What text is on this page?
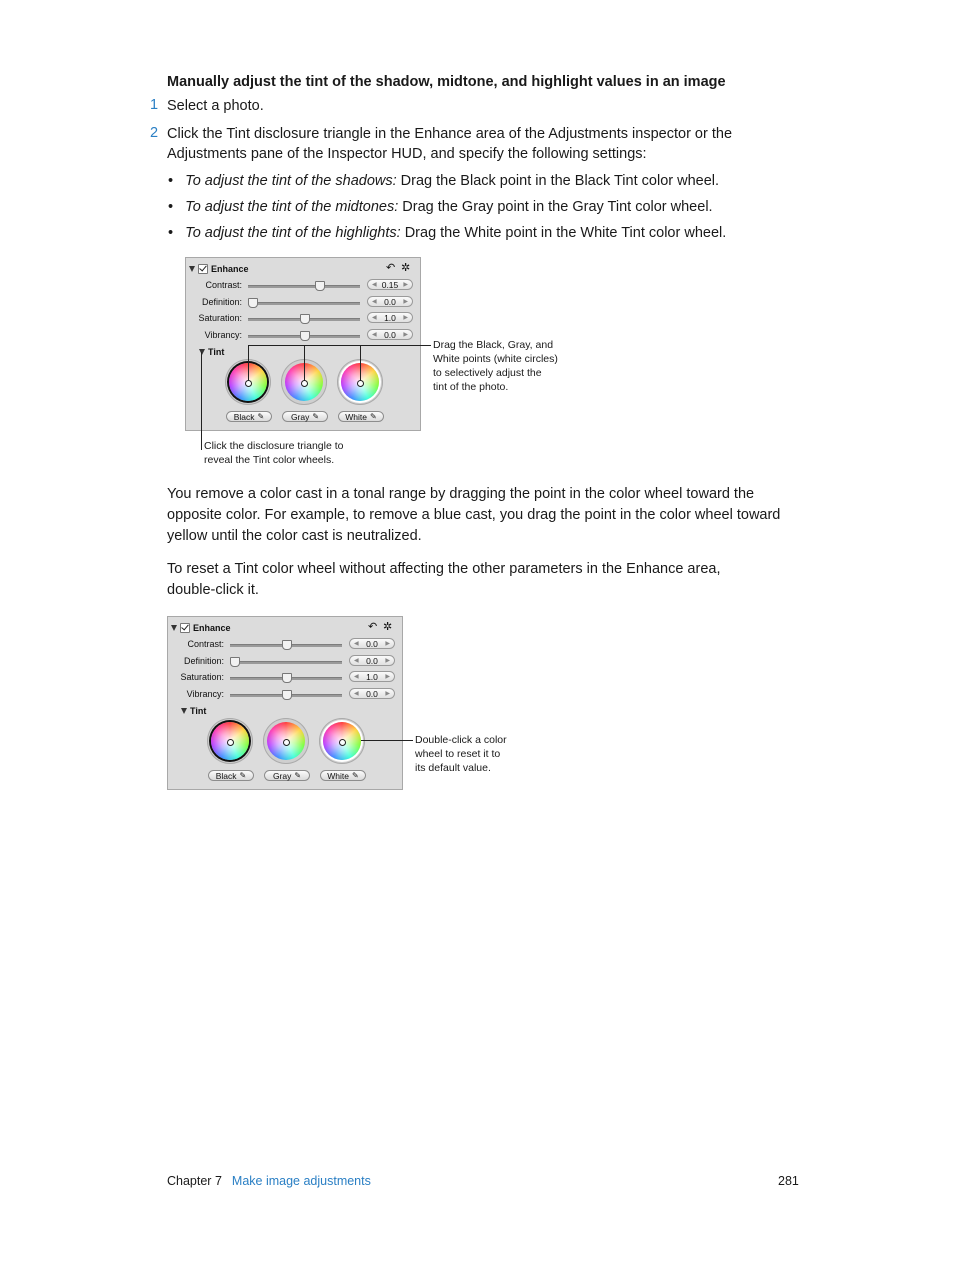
Manually adjust the tint of the shadow, midtone, and highlight values in an image
1 Select a photo.
2 Click the Tint disclosure triangle in the Enhance area of the Adjustments inspector or the
Adjustments pane of the Inspector HUD, and specify the following settings:
•   To adjust the tint of the shadows: Drag the Black point in the Black Tint color wheel.
•   To adjust the tint of the midtones: Drag the Gray point in the Gray Tint color wheel.
•   To adjust the tint of the highlights: Drag the White point in the White Tint color wheel.
Enhance	↶ ✲
Contrast:	◀ 0.15 ▶
Definition:	◀ 0.0 ▶
Saturation:	◀ 1.0 ▶
Vibrancy:	◀ 0.0 ▶
Tint
Black ✎	Gray ✎	White ✎
Drag the Black, Gray, and
White points (white circles)
to selectively adjust the
tint of the photo.
Click the disclosure triangle to
reveal the Tint color wheels.
You remove a color cast in a tonal range by dragging the point in the color wheel toward the
opposite color. For example, to remove a blue cast, you drag the point in the color wheel toward
yellow until the color cast is neutralized.
To reset a Tint color wheel without affecting the other parameters in the Enhance area,
double-click it.
Enhance	↶ ✲
Contrast:	◀ 0.0 ▶
Definition:	◀ 0.0 ▶
Saturation:	◀ 1.0 ▶
Vibrancy:	◀ 0.0 ▶
Tint
Black ✎	Gray ✎	White ✎
Double-click a color
wheel to reset it to
its default value.
Chapter 7 Make image adjustments	281
